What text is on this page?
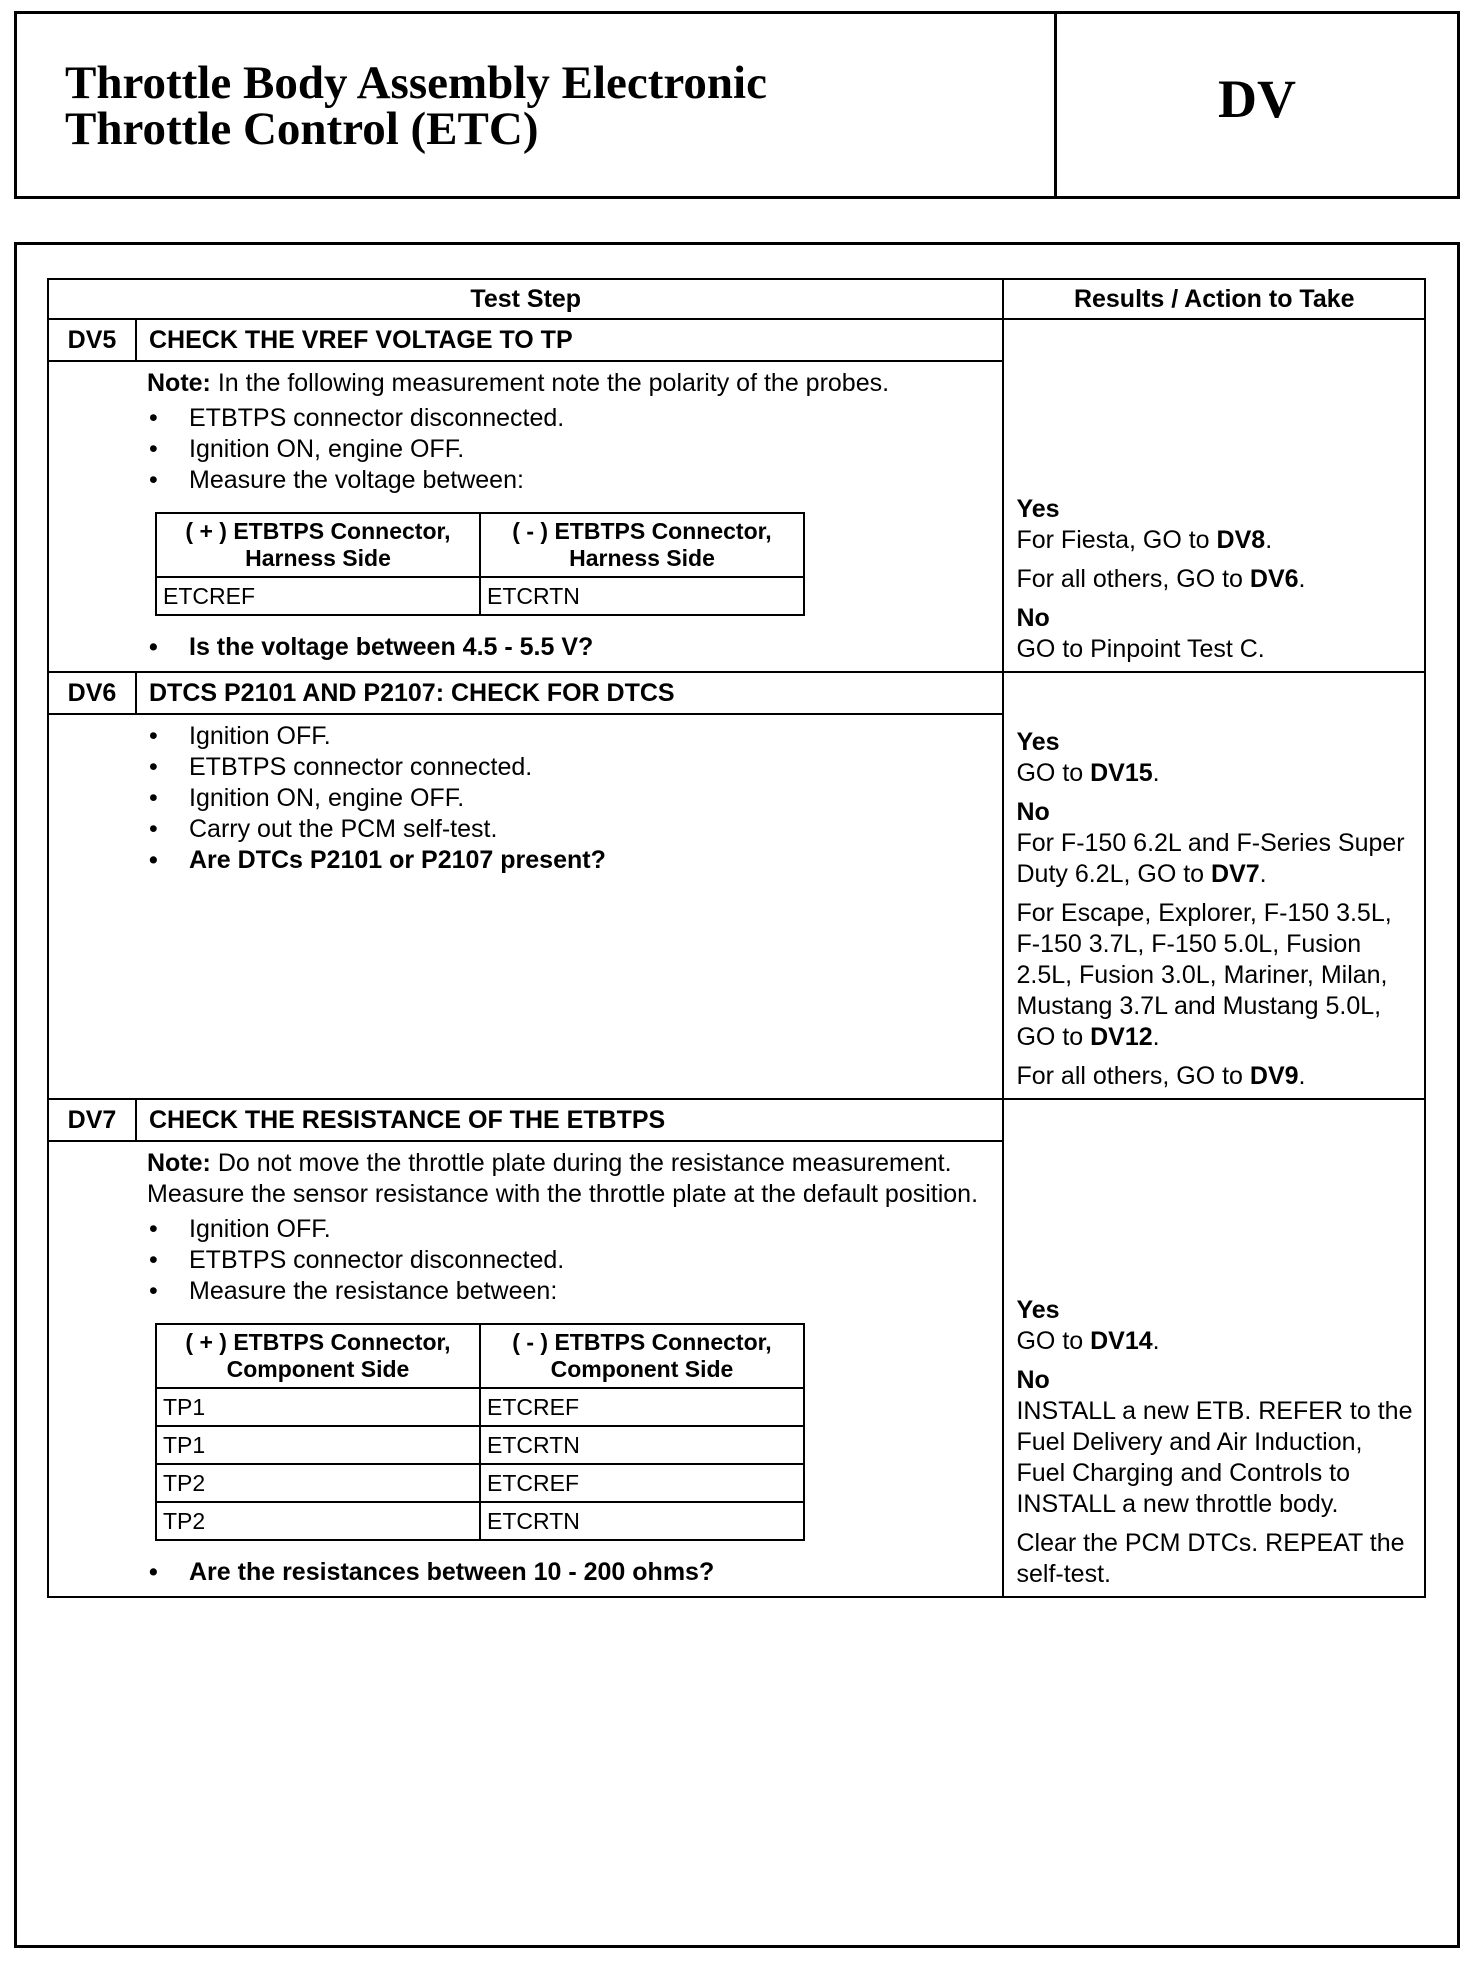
Throttle Body Assembly Electronic
Throttle Control (ETC)	DV
Test Step	Results / Action to Take
DV5	CHECK THE VREF VOLTAGE TO TP	
Yes

For Fiesta, GO to DV8.

For all others, GO to DV6.

No

GO to Pinpoint Test C.

Note: In the following measurement note the polarity of the probes.
• ETBTPS connector disconnected.
• Ignition ON, engine OFF.
• Measure the voltage between:
( + ) ETBTPS Connector, Harness Side	( - ) ETBTPS Connector, Harness Side
ETCREF	ETCRTN
• Is the voltage between 4.5 - 5.5 V?

DV6	DTCS P2101 AND P2107: CHECK FOR DTCS	
Yes

GO to DV15.

No

For F-150 6.2L and F-Series Super Duty 6.2L, GO to DV7.

For Escape, Explorer, F-150 3.5L, F-150 3.7L, F-150 5.0L, Fusion 2.5L, Fusion 3.0L, Mariner, Milan, Mustang 3.7L and Mustang 5.0L, GO to DV12.

For all others, GO to DV9.

• Ignition OFF.
• ETBTPS connector connected.
• Ignition ON, engine OFF.
• Carry out the PCM self-test.
• Are DTCs P2101 or P2107 present?

DV7	CHECK THE RESISTANCE OF THE ETBTPS	
Yes

GO to DV14.

No

INSTALL a new ETB. REFER to the Fuel Delivery and Air Induction, Fuel Charging and Controls to INSTALL a new throttle body.

Clear the PCM DTCs. REPEAT the self-test.

Note: Do not move the throttle plate during the resistance measurement. Measure the sensor resistance with the throttle plate at the default position.
• Ignition OFF.
• ETBTPS connector disconnected.
• Measure the resistance between:
( + ) ETBTPS Connector, Component Side	( - ) ETBTPS Connector, Component Side
TP1	ETCREF
TP1	ETCRTN
TP2	ETCREF
TP2	ETCRTN
• Are the resistances between 10 - 200 ohms?
